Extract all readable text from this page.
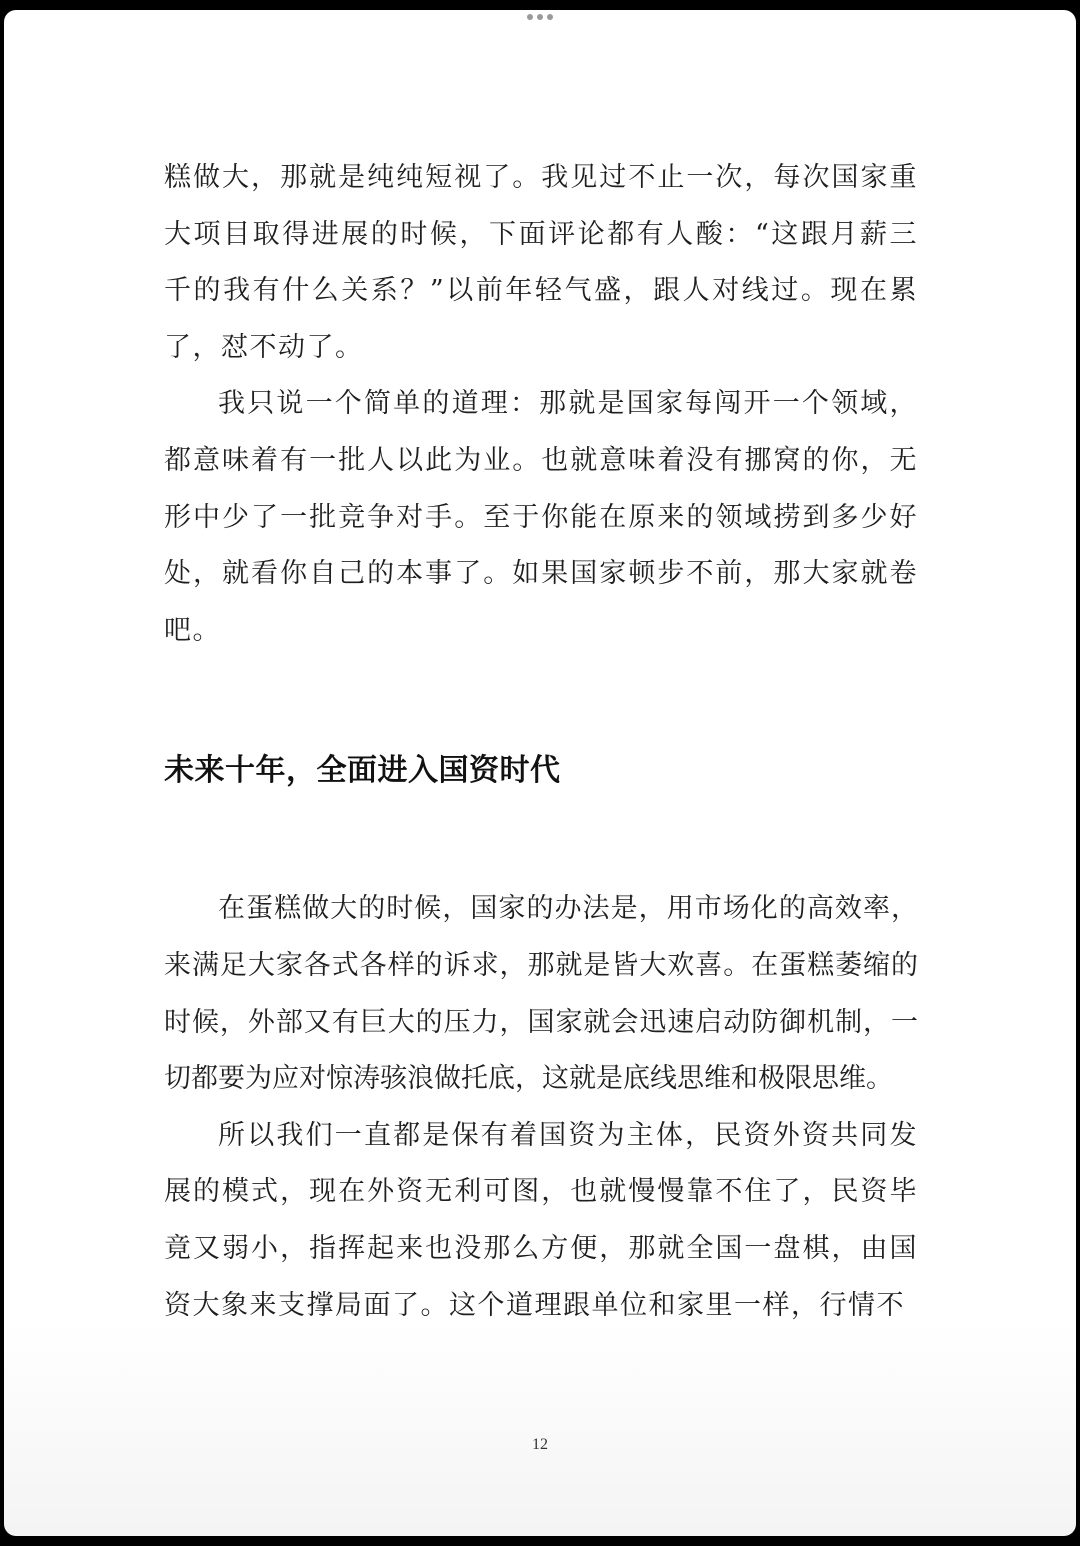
糕做大，那就是纯纯短视了。我见过不止一次，每次国家重大项目取得进展的时候，下面评论都有人酸：“这跟月薪三千的我有什么关系？”以前年轻气盛，跟人对线过。现在累了，怼不动了。

我只说一个简单的道理：那就是国家每闯开一个领域，都意味着有一批人以此为业。也就意味着没有挪窝的你，无形中少了一批竞争对手。至于你能在原来的领域捞到多少好处，就看你自己的本事了。如果国家顿步不前，那大家就卷吧。

未来十年，全面进入国资时代

在蛋糕做大的时候，国家的办法是，用市场化的高效率，来满足大家各式各样的诉求，那就是皆大欢喜。在蛋糕萎缩的时候，外部又有巨大的压力，国家就会迅速启动防御机制，一切都要为应对惊涛骇浪做托底，这就是底线思维和极限思维。

所以我们一直都是保有着国资为主体，民资外资共同发展的模式，现在外资无利可图，也就慢慢靠不住了，民资毕竟又弱小，指挥起来也没那么方便，那就全国一盘棋，由国资大象来支撑局面了。这个道理跟单位和家里一样，行情不

12
